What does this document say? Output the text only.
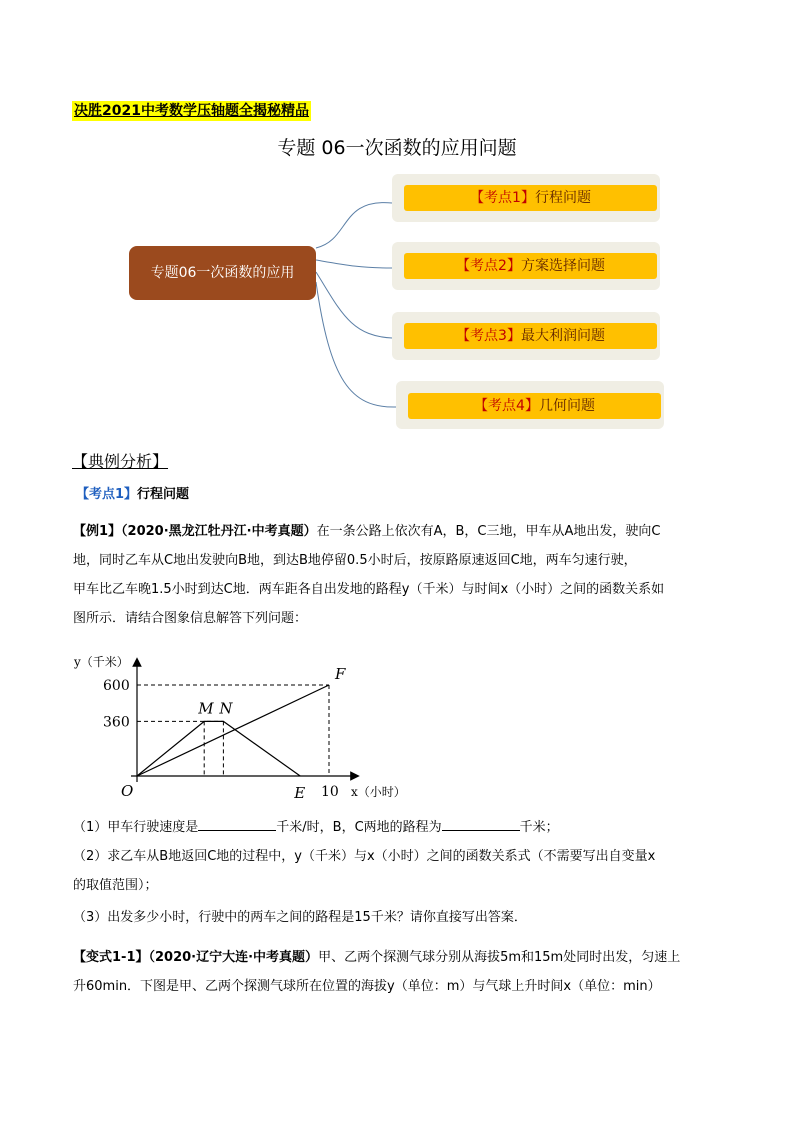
决胜2021中考数学压轴题全揭秘精品
专题 06一次函数的应用问题
专题06一次函数的应用
【考点1】行程问题
【考点2】方案选择问题
【考点3】最大利润问题
【考点4】几何问题
【典例分析】
【考点1】行程问题
【例1】（2020·黑龙江牡丹江·中考真题）在一条公路上依次有A，B，C三地，甲车从A地出发，驶向C
地，同时乙车从C地出发驶向B地，到达B地停留0.5小时后，按原路原速返回C地，两车匀速行驶，
甲车比乙车晚1.5小时到达C地．两车距各自出发地的路程y（千米）与时间x（小时）之间的函数关系如
图所示．请结合图象信息解答下列问题：
360
600
10
y（千米）
x（小时）
O
F
M N
E
（1）甲车行驶速度是	千米/时，B，C两地的路程为	千米；
（2）求乙车从B地返回C地的过程中，y（千米）与x（小时）之间的函数关系式（不需要写出自变量x
的取值范围）；
（3）出发多少小时，行驶中的两车之间的路程是15千米？请你直接写出答案．
【变式1-1】（2020·辽宁大连·中考真题）甲、乙两个探测气球分别从海拔5m和15m处同时出发，匀速上
升60min．下图是甲、乙两个探测气球所在位置的海拔y（单位：m）与气球上升时间x（单位：min）
